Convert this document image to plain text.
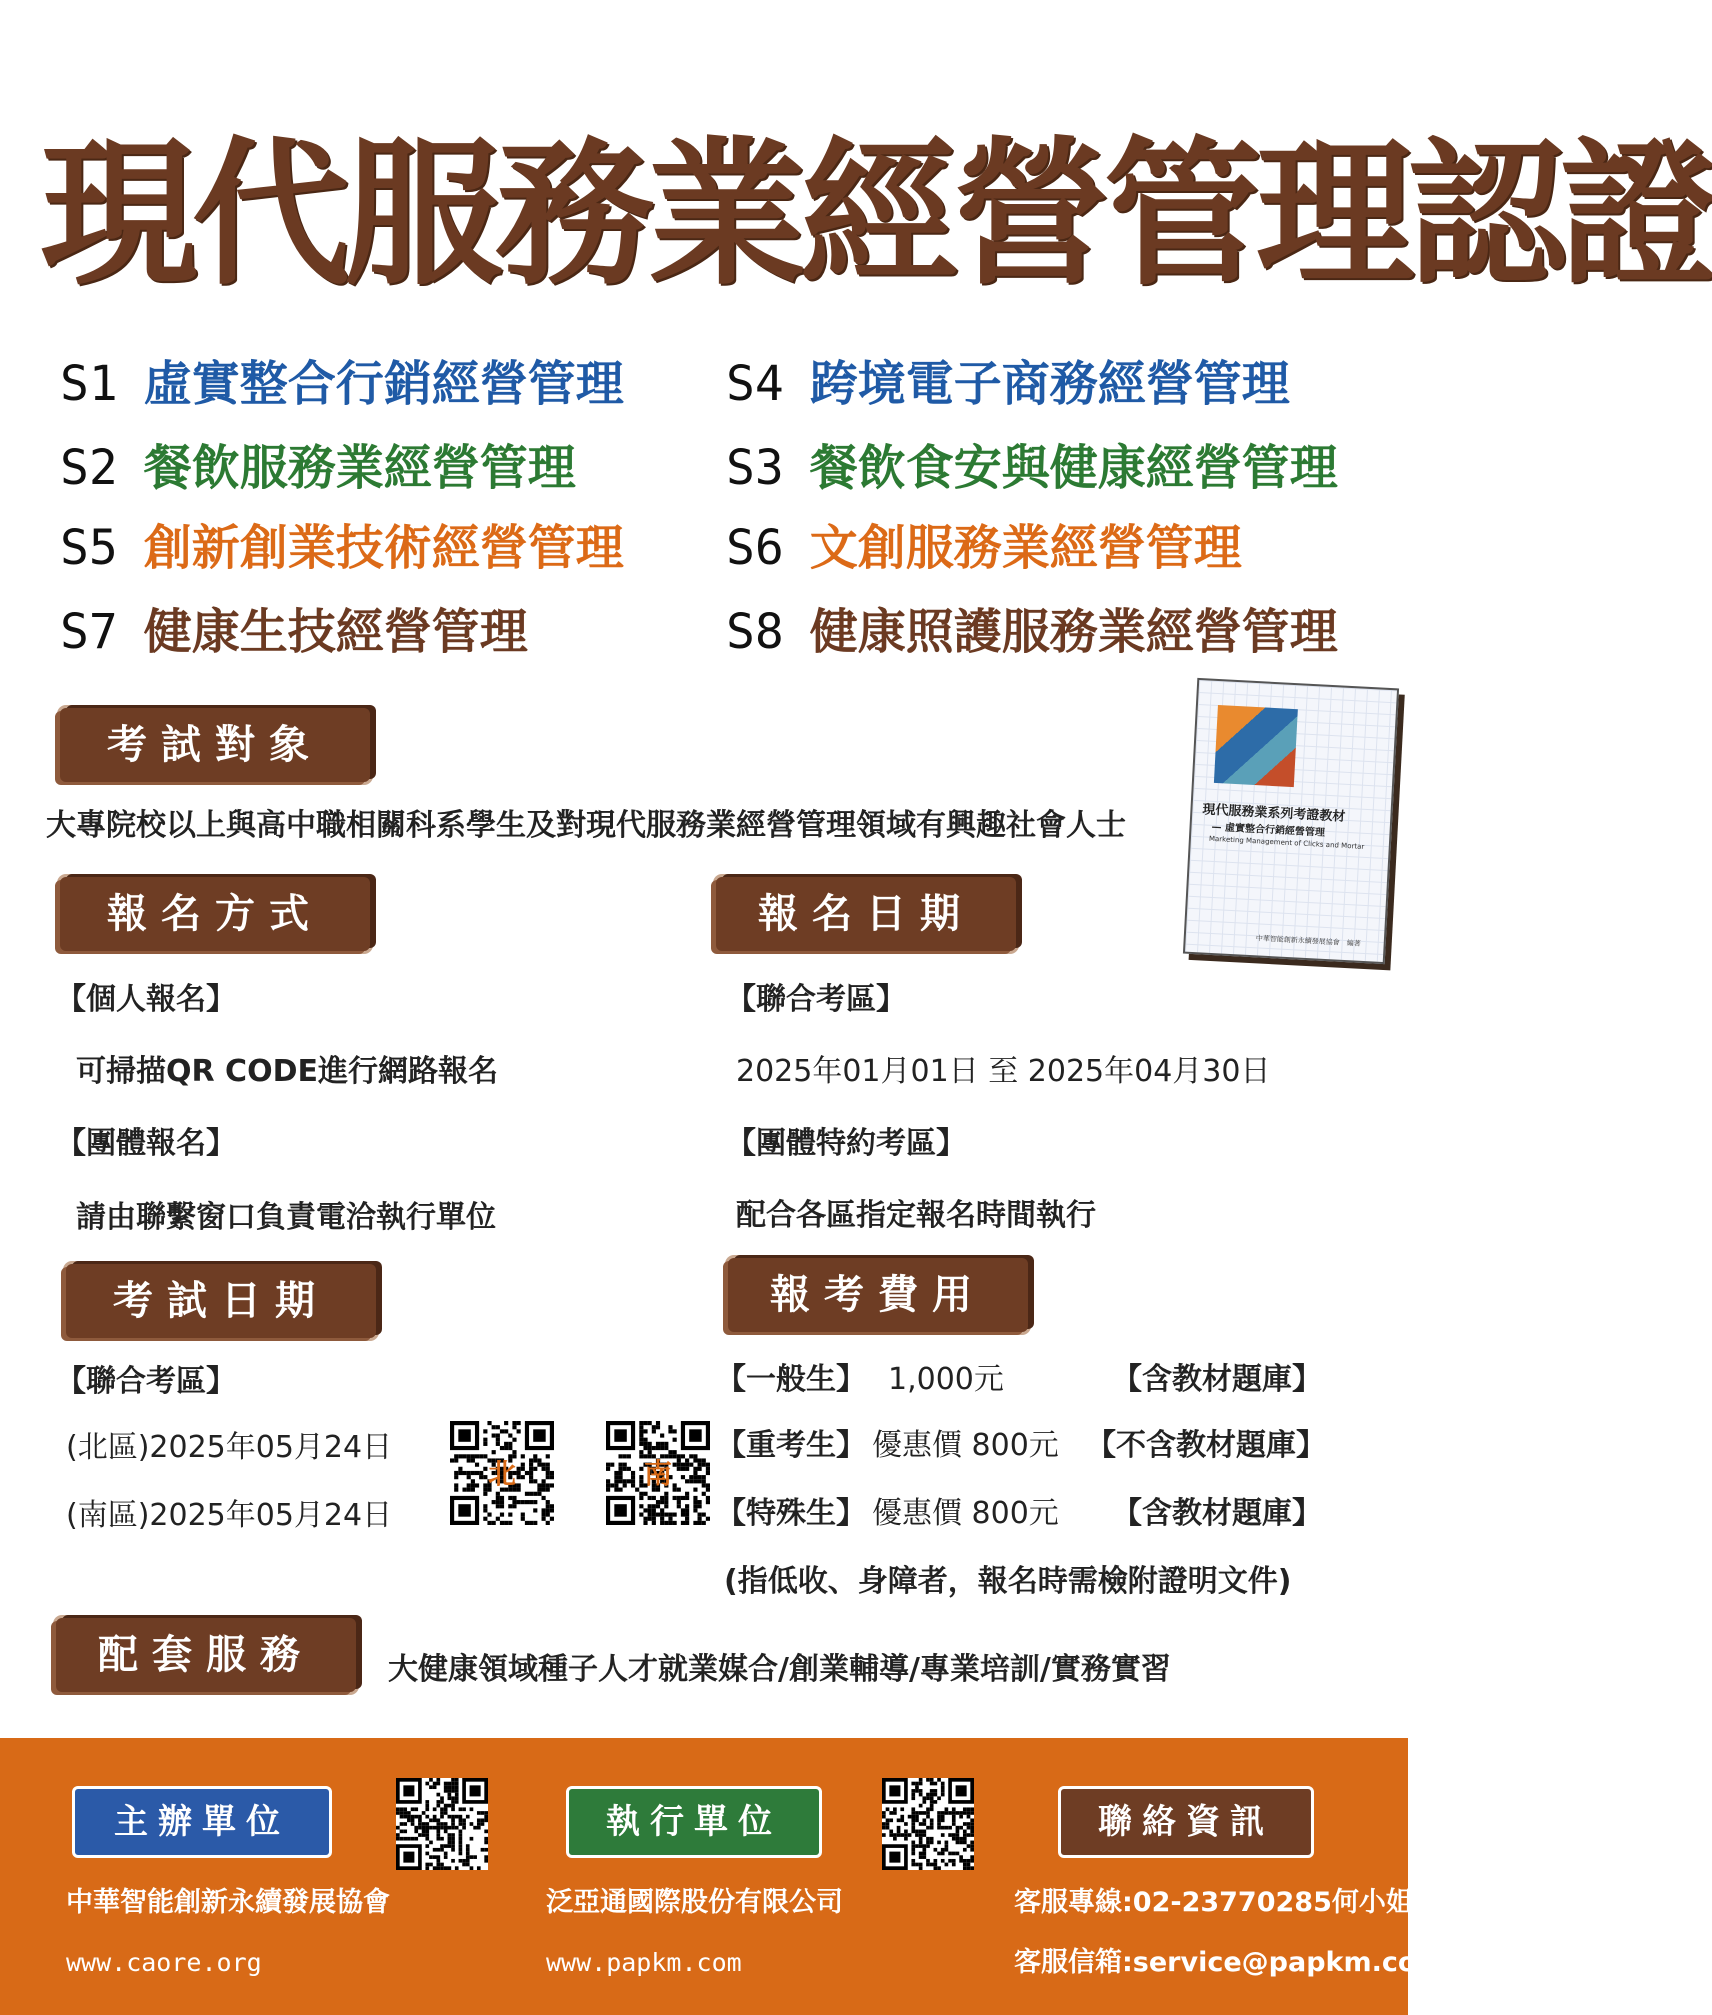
現代服務業經營管理認證
S1 虛實整合行銷經營管理 S4 跨境電子商務經營管理
S2 餐飲服務業經營管理	S3 餐飲食安與健康經營管理
S5 創新創業技術經營管理 S6 文創服務業經營管理
S7 健康生技經營管理	S8 健康照護服務業經營管理
考試對象
大專院校以上與高中職相關科系學生及對現代服務業經營管理領域有興趣社會人士	現代服務業系列考證教材
— 虛實整合行銷經營管理
Marketing Management of Clicks and Mortar
中華智能創新永續發展協會　編著
報名方式
【個人報名】
可掃描QR CODE進行網路報名
【團體報名】
請由聯繫窗口負責電洽執行單位
報名日期
【聯合考區】
2025年01月01日 至 2025年04月30日
【團體特約考區】
配合各區指定報名時間執行
考試日期
【聯合考區】
(北區)2025年05月24日
(南區)2025年05月24日
北	南
報考費用
【一般生】 1,000元	【含教材題庫】
【重考生】 優惠價 800元 【不含教材題庫】
【特殊生】 優惠價 800元 【含教材題庫】
(指低收、身障者，報名時需檢附證明文件)
配套服務	大健康領域種子人才就業媒合/創業輔導/專業培訓/實務實習
主辦單位
中華智能創新永續發展協會
www.caore.org
執行單位
泛亞通國際股份有限公司
www.papkm.com
聯絡資訊
客服專線:02-23770285何小姐
客服信箱:service@papkm.com
